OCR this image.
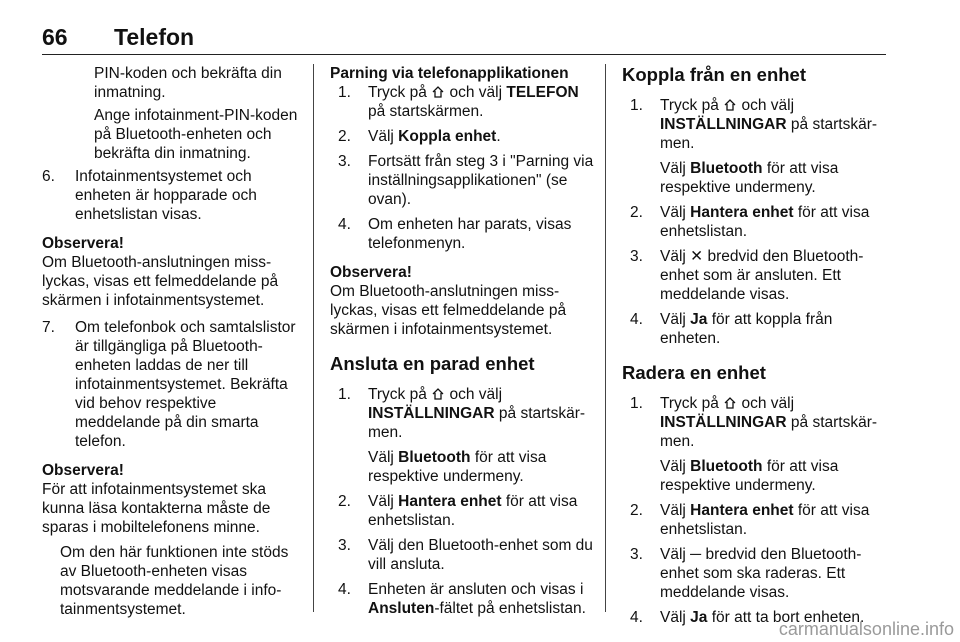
66 Telefon

PIN-koden och bekräfta din inmatning.

Ange infotainment-PIN-koden på Bluetooth-enheten och bekräfta din inmatning.

6. Infotainmentsystemet och enheten är hopparade och enhetslistan visas.
Observera!
Om Bluetooth-anslutningen misslyckas, visas ett felmeddelande på skärmen i infotainmentsystemet.
7. Om telefonbok och samtalslistor är tillgängliga på Bluetooth-enheten laddas de ner till infotainmentsystemet. Bekräfta vid behov respektive meddelande på din smarta telefon.
Observera!
För att infotainmentsystemet ska kunna läsa kontakterna måste de sparas i mobiltelefonens minne.

Om den här funktionen inte stöds av Bluetooth-enheten visas motsvarande meddelande i infotainmentsystemet.

Parning via telefonapplikationen
1. Tryck på och välj TELEFON på startskärmen.
2. Välj Koppla enhet.
3. Fortsätt från steg 3 i "Parning via inställningsapplikationen" (se ovan).
4. Om enheten har parats, visas telefonmenyn.
Observera!
Om Bluetooth-anslutningen misslyckas, visas ett felmeddelande på skärmen i infotainmentsystemet.
Ansluta en parad enhet
1. Tryck på och välj
INSTÄLLNINGAR på startskärmen.
Välj Bluetooth för att visa respektive undermeny.
2. Välj Hantera enhet för att visa enhetslistan.
3. Välj den Bluetooth-enhet som du vill ansluta.
4. Enheten är ansluten och visas i
Ansluten-fältet på enhetslistan.
Koppla från en enhet
1. Tryck på och välj
INSTÄLLNINGAR på startskärmen.
Välj Bluetooth för att visa respektive undermeny.
2. Välj Hantera enhet för att visa enhetslistan.
3. Välj ✕ bredvid den Bluetooth-enhet som är ansluten. Ett meddelande visas.
4. Välj Ja för att koppla från enheten.
Radera en enhet
1. Tryck på och välj
INSTÄLLNINGAR på startskärmen.
Välj Bluetooth för att visa respektive undermeny.
2. Välj Hantera enhet för att visa enhetslistan.
3. Välj ─ bredvid den Bluetooth-enhet som ska raderas. Ett meddelande visas.
4. Välj Ja för att ta bort enheten.
carmanualsonline.info
